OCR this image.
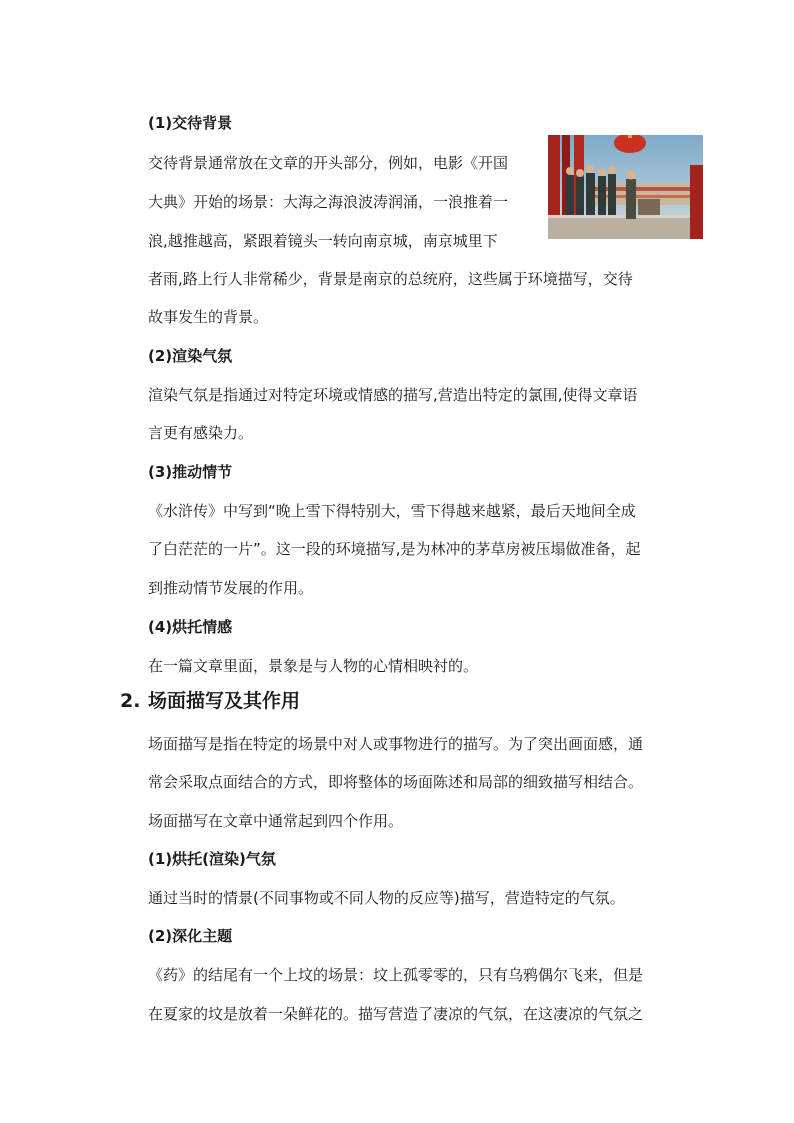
(1)交待背景
交待背景通常放在文章的开头部分，例如，电影《开国
大典》开始的场景：大海之海浪波涛润涌，一浪推着一
浪,越推越高，紧跟着镜头一转向南京城，南京城里下
者雨,路上行人非常稀少，背景是南京的总统府，这些属于环境描写，交待
故事发生的背景。
(2)渲染气氛
渲染气氛是指通过对特定环境或情感的描写,营造出特定的氯围,使得文章语
言更有感染力。
(3)推动情节
《水浒传》中写到“晚上雪下得特别大，雪下得越来越紧，最后天地间全成
了白茫茫的一片”。这一段的环境描写,是为林冲的茅草房被压塌做准备，起
到推动情节发展的作用。
(4)烘托情感
在一篇文章里面，景象是与人物的心情相映衬的。
2. 场面描写及其作用
场面描写是指在特定的场景中对人或事物进行的描写。为了突出画面感，通
常会采取点面结合的方式，即将整体的场面陈述和局部的细致描写相结合。
场面描写在文章中通常起到四个作用。
(1)烘托(渲染)气氛
通过当时的情景(不同事物或不同人物的反应等)描写，营造特定的气氛。
(2)深化主题
《药》的结尾有一个上坟的场景：坟上孤零零的，只有乌鸦偶尔飞来，但是
在夏家的坟是放着一朵鲜花的。描写营造了凄凉的气氛，在这凄凉的气氛之
